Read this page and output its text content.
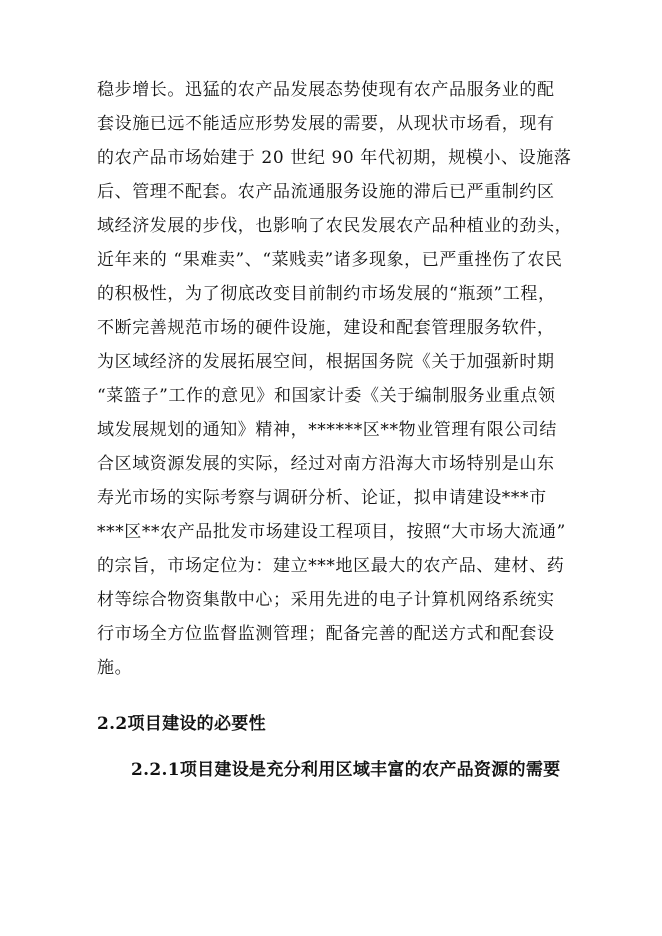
稳步增长。迅猛的农产品发展态势使现有农产品服务业的配
套设施已远不能适应形势发展的需要，从现状市场看，现有
的农产品市场始建于 20 世纪 90 年代初期，规模小、设施落
后、管理不配套。农产品流通服务设施的滞后已严重制约区
域经济发展的步伐，也影响了农民发展农产品种植业的劲头，
近年来的 “果难卖”、“菜贱卖”诸多现象，已严重挫伤了农民
的积极性，为了彻底改变目前制约市场发展的“瓶颈”工程，
不断完善规范市场的硬件设施，建设和配套管理服务软件，
为区域经济的发展拓展空间，根据国务院《关于加强新时期
“菜篮子”工作的意见》和国家计委《关于编制服务业重点领
域发展规划的通知》精神，******区**物业管理有限公司结
合区域资源发展的实际，经过对南方沿海大市场特别是山东
寿光市场的实际考察与调研分析、论证，拟申请建设***市
***区**农产品批发市场建设工程项目，按照“大市场大流通”
的宗旨，市场定位为：建立***地区最大的农产品、建材、药
材等综合物资集散中心；采用先进的电子计算机网络系统实
行市场全方位监督监测管理；配备完善的配送方式和配套设
施。
2.2项目建设的必要性
2.2.1项目建设是充分利用区域丰富的农产品资源的需要
